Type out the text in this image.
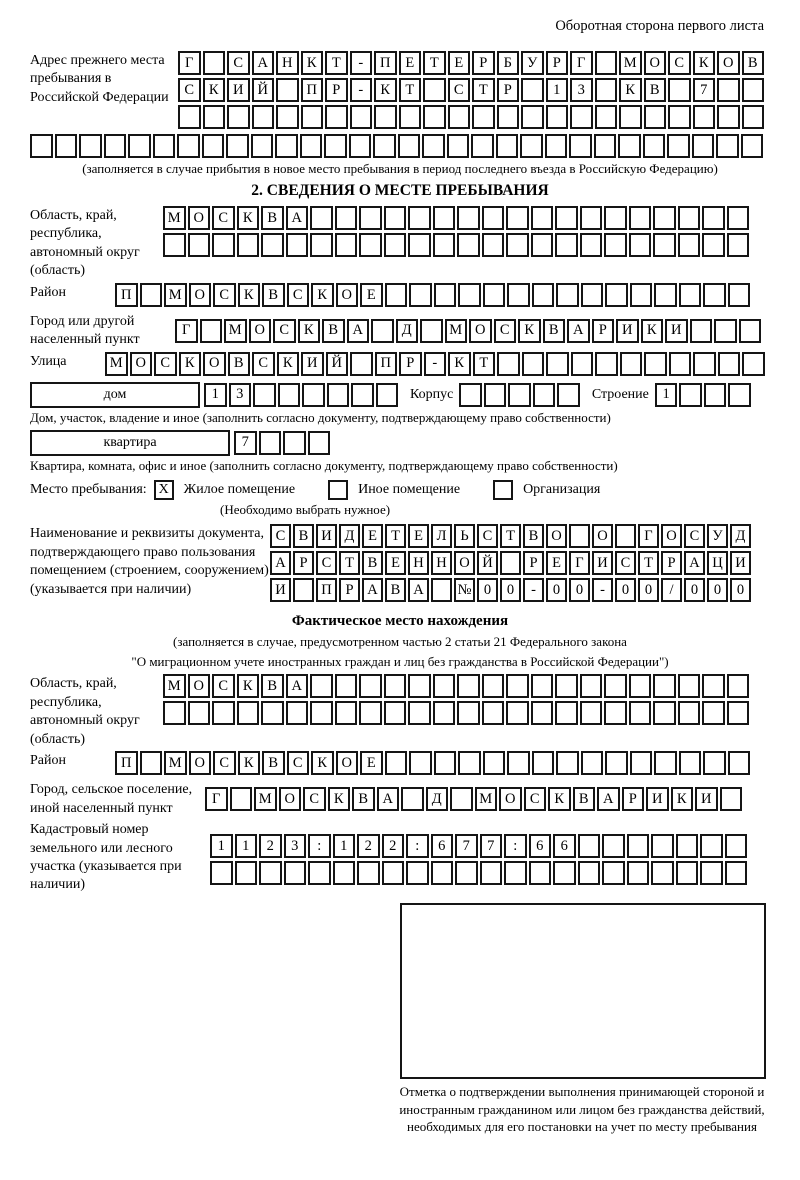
Оборотная сторона первого листа
Адрес прежнего места пребывания в Российской Федерации
Г	С А Н К	Т	-	П	Е	Т	Е	Р	Б	У	Р	Г	М О С	К О В
С	К И Й	П	Р	-	К	Т	С	Т	Р	1	3	К	В	7
(заполняется в случае прибытия в новое место пребывания в период последнего въезда в Российскую Федерацию)
2. СВЕДЕНИЯ О МЕСТЕ ПРЕБЫВАНИЯ
Область, край, республика, автономный округ (область)
М О С	К	В А
Район	П	М О С	К	В	С	К О	Е
Город или другой населенный пункт
Г	М О С	К	В А	Д	М О С	К	В А	Р	И К И
Улица	М О С	К О В	С	К И Й	П	Р	-	К	Т
дом	1	3	Корпус	Строение 1
Дом, участок, владение и иное (заполнить согласно документу, подтверждающему право собственности)
квартира	7
Квартира, комната, офис и иное (заполнить согласно документу, подтверждающему право собственности)
Место пребывания: X	Жилое помещение	Иное помещение	Организация
(Необходимо выбрать нужное)
Наименование и реквизиты документа, подтверждающего право пользования помещением (строением, сооружением) (указывается при наличии)
С В И Д Е Т Е Л Ь С Т В О	О	Г О С У Д
А Р С Т В Е Н Н О Й	Р	Е Г И С Т	Р А Ц И
И	П Р А В А	№ 0	0	-	0	0	-	0	0	/	0	0	0
Фактическое место нахождения
(заполняется в случае, предусмотренном частью 2 статьи 21 Федерального закона
"О миграционном учете иностранных граждан и лиц без гражданства в Российской Федерации")
Область, край, республика, автономный округ (область)
М О С	К	В А
Район	П	М О С	К	В	С	К О	Е
Город, сельское поселение, иной населенный пункт
Г	М О С	К	В А	Д	М О С	К	В А	Р	И К И
Кадастровый номер земельного или лесного участка (указывается при наличии)
1	1	2	3	:	1	2	2	:	6	7	7	:	6	6
Отметка о подтверждении выполнения принимающей стороной и иностранным гражданином или лицом без гражданства действий, необходимых для его постановки на учет по месту пребывания
